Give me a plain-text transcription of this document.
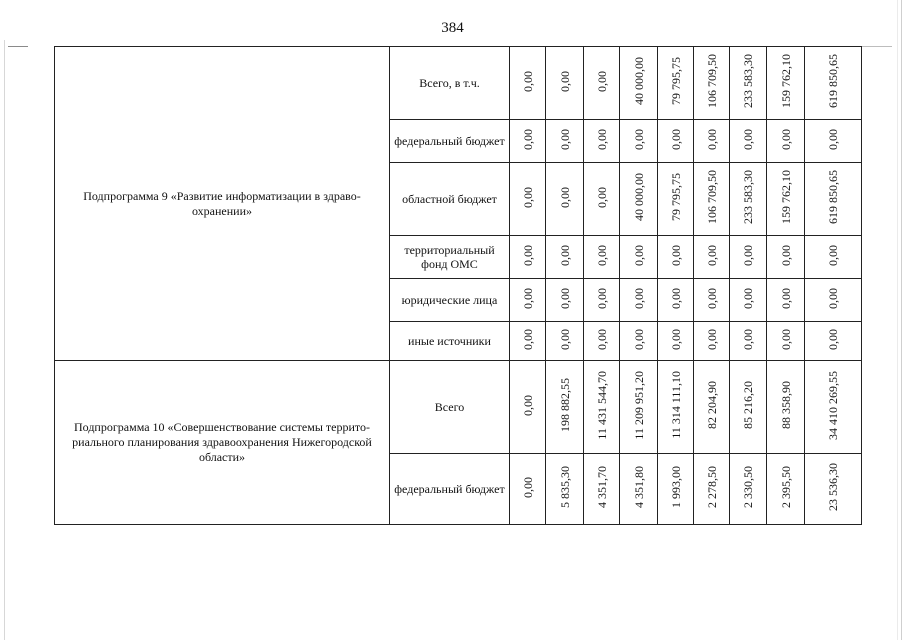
384
Подпрограмма 9 «Развитие информатизации в здраво-охранении»	Всего, в т.ч.	0,00	0,00	0,00	40 000,00	79 795,75	106 709,50	233 583,30	159 762,10	619 850,65
	федеральный бюджет	0,00	0,00	0,00	0,00	0,00	0,00	0,00	0,00	0,00
	областной бюджет	0,00	0,00	0,00	40 000,00	79 795,75	106 709,50	233 583,30	159 762,10	619 850,65
	территориальный фонд ОМС	0,00	0,00	0,00	0,00	0,00	0,00	0,00	0,00	0,00
	юридические лица	0,00	0,00	0,00	0,00	0,00	0,00	0,00	0,00	0,00
	иные источники	0,00	0,00	0,00	0,00	0,00	0,00	0,00	0,00	0,00
Подпрограмма 10 «Совершенствование системы террито-риального планирования здравоохранения Нижегородской области»	Всего	0,00	198 882,55	11 431 544,70	11 209 951,20	11 314 111,10	82 204,90	85 216,20	88 358,90	34 410 269,55
	федеральный бюджет	0,00	5 835,30	4 351,70	4 351,80	1 993,00	2 278,50	2 330,50	2 395,50	23 536,30
